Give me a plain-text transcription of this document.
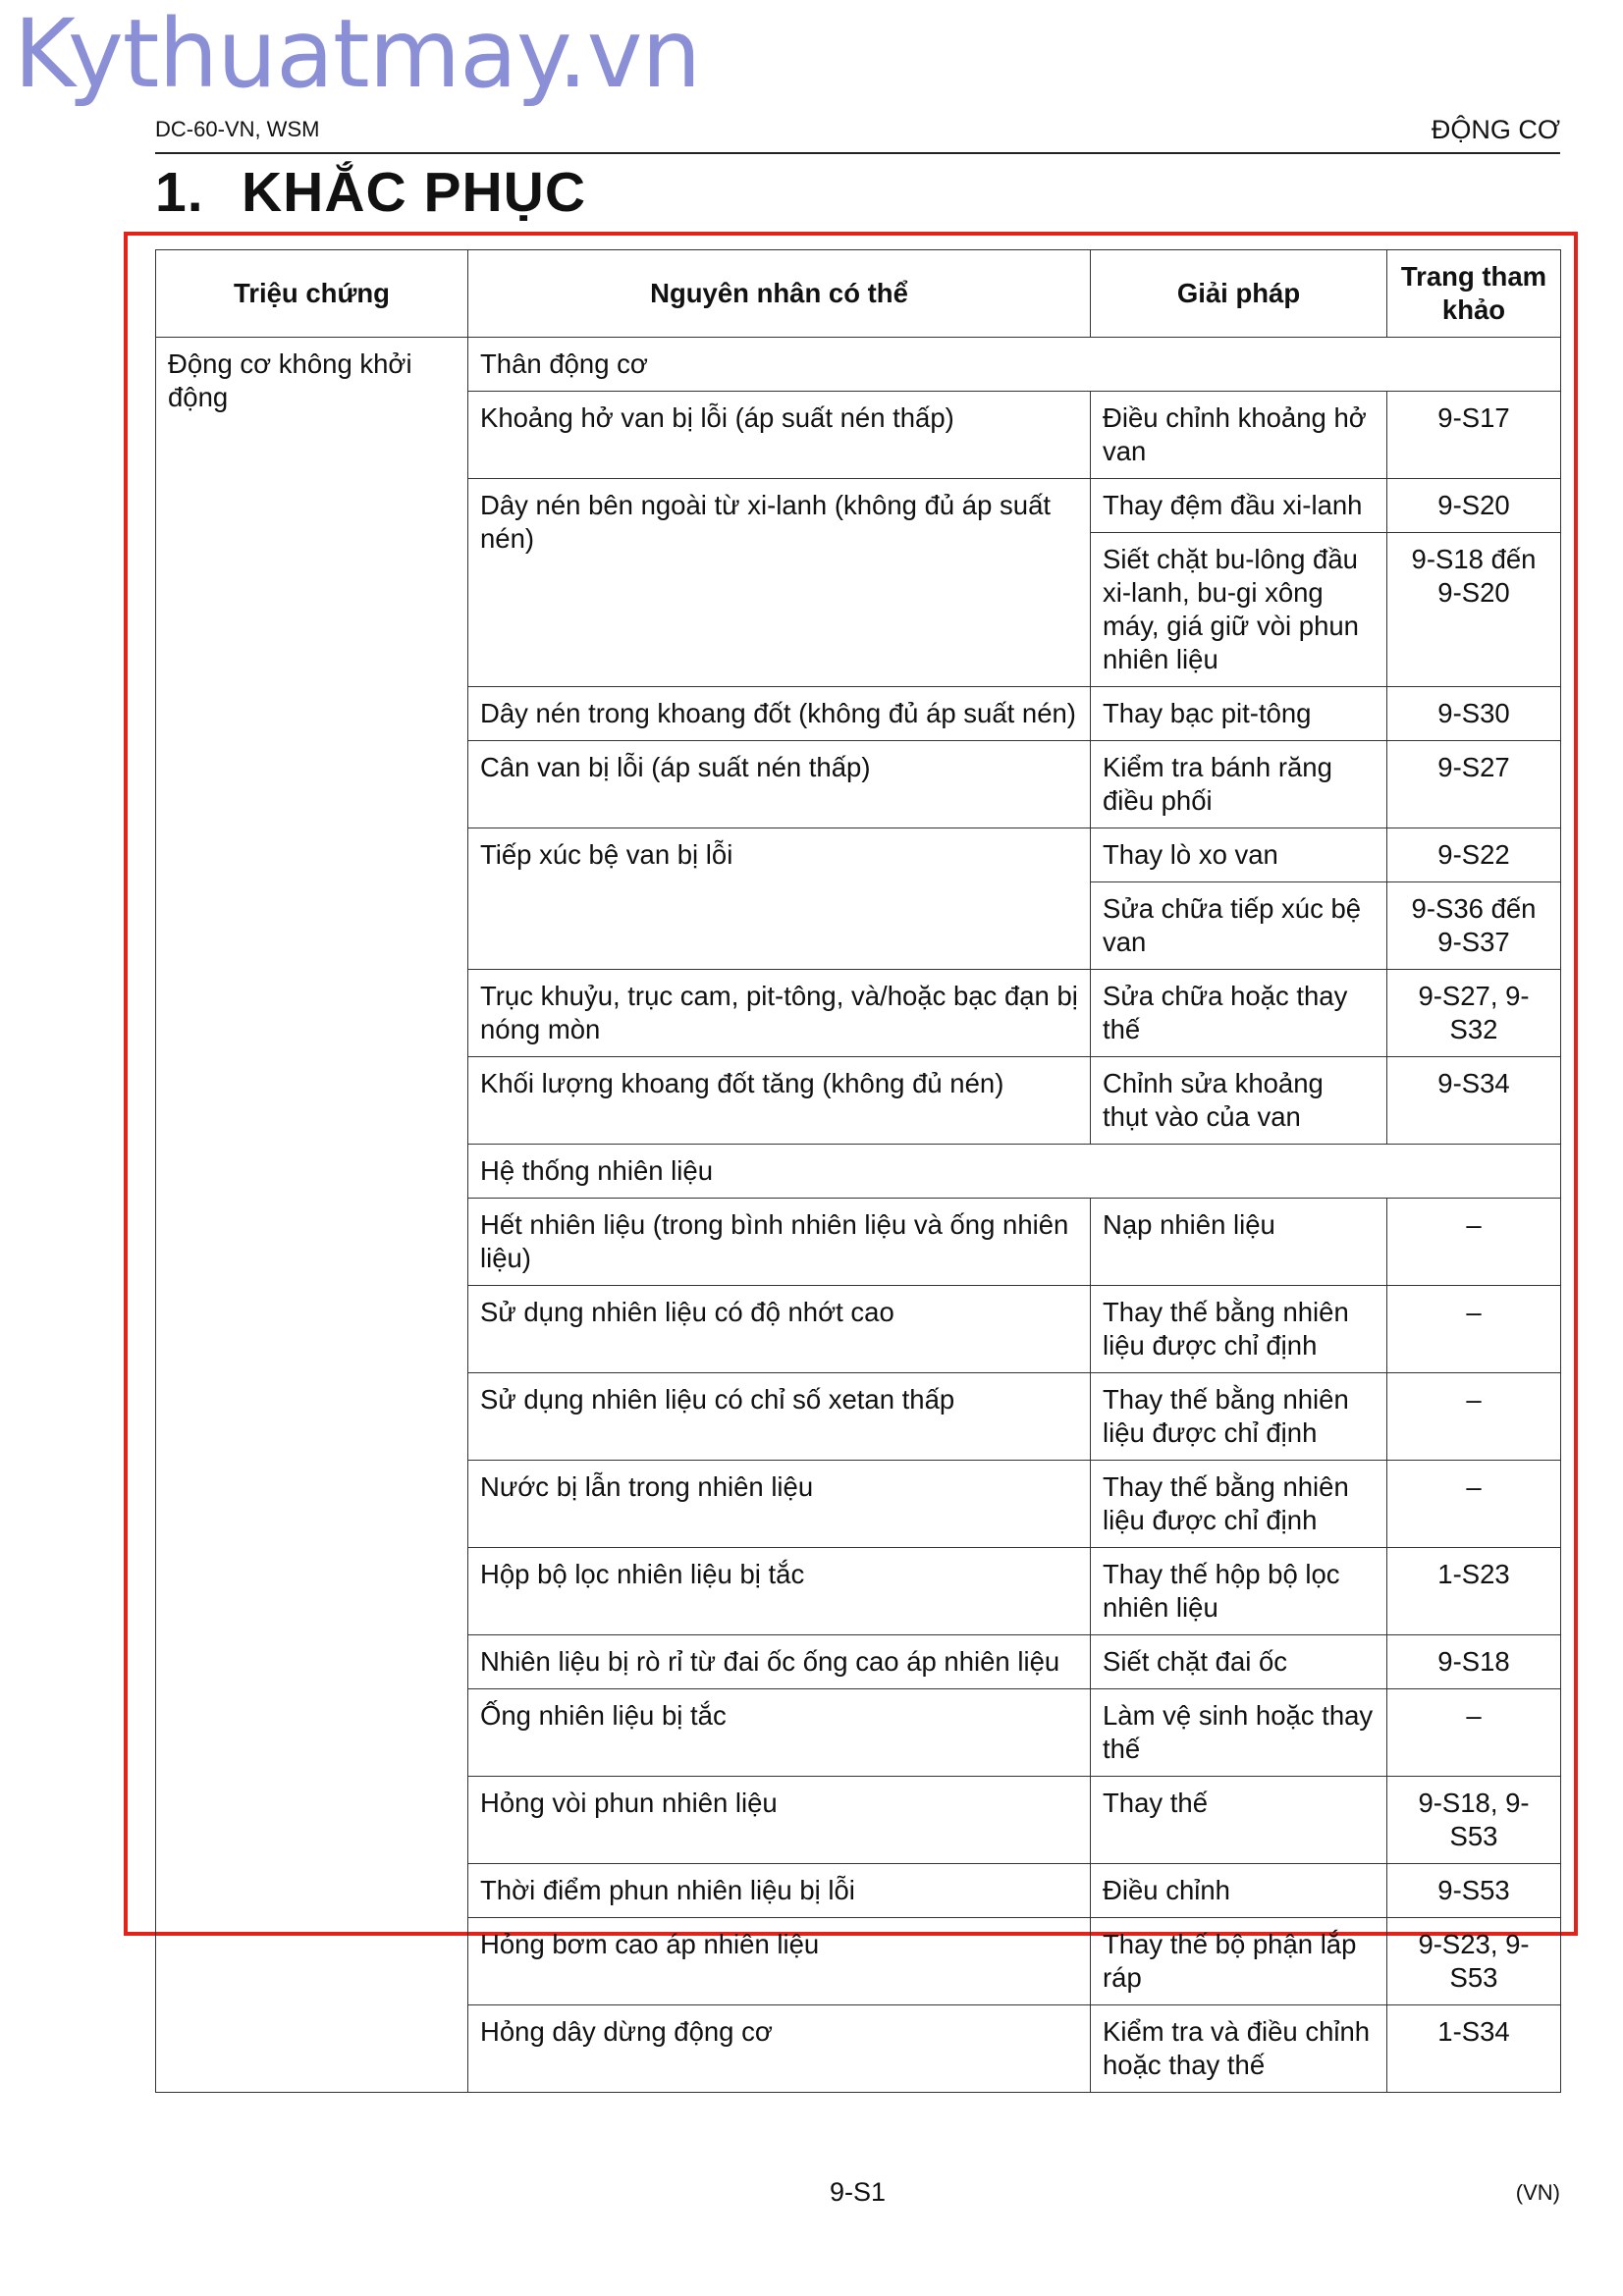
Kythuatmay.vn
DC-60-VN, WSM	ĐỘNG CƠ
1. KHẮC PHỤC
Triệu chứng	Nguyên nhân có thể	Giải pháp	Trang tham khảo
Động cơ không khởi động	Thân động cơ		
	Khoảng hở van bị lỗi (áp suất nén thấp)	Điều chỉnh khoảng hở van	9-S17
	Dây nén bên ngoài từ xi-lanh (không đủ áp suất nén)	Thay đệm đầu xi-lanh	9-S20
		Siết chặt bu-lông đầu xi-lanh, bu-gi xông máy, giá giữ vòi phun nhiên liệu	9-S18 đến 9-S20
	Dây nén trong khoang đốt (không đủ áp suất nén)	Thay bạc pit-tông	9-S30
	Cân van bị lỗi (áp suất nén thấp)	Kiểm tra bánh răng điều phối	9-S27
	Tiếp xúc bệ van bị lỗi	Thay lò xo van	9-S22
		Sửa chữa tiếp xúc bệ van	9-S36 đến 9-S37
	Trục khuỷu, trục cam, pit-tông, và/hoặc bạc đạn bị nóng mòn	Sửa chữa hoặc thay thế	9-S27, 9-S32
	Khối lượng khoang đốt tăng (không đủ nén)	Chỉnh sửa khoảng thụt vào của van	9-S34
	Hệ thống nhiên liệu		
	Hết nhiên liệu (trong bình nhiên liệu và ống nhiên liệu)	Nạp nhiên liệu	–
	Sử dụng nhiên liệu có độ nhớt cao	Thay thế bằng nhiên liệu được chỉ định	–
	Sử dụng nhiên liệu có chỉ số xetan thấp	Thay thế bằng nhiên liệu được chỉ định	–
	Nước bị lẫn trong nhiên liệu	Thay thế bằng nhiên liệu được chỉ định	–
	Hộp bộ lọc nhiên liệu bị tắc	Thay thế hộp bộ lọc nhiên liệu	1-S23
	Nhiên liệu bị rò rỉ từ đai ốc ống cao áp nhiên liệu	Siết chặt đai ốc	9-S18
	Ống nhiên liệu bị tắc	Làm vệ sinh hoặc thay thế	–
	Hỏng vòi phun nhiên liệu	Thay thế	9-S18, 9-S53
	Thời điểm phun nhiên liệu bị lỗi	Điều chỉnh	9-S53
	Hỏng bơm cao áp nhiên liệu	Thay thế bộ phận lắp ráp	9-S23, 9-S53
	Hỏng dây dừng động cơ	Kiểm tra và điều chỉnh hoặc thay thế	1-S34
9-S1	(VN)
